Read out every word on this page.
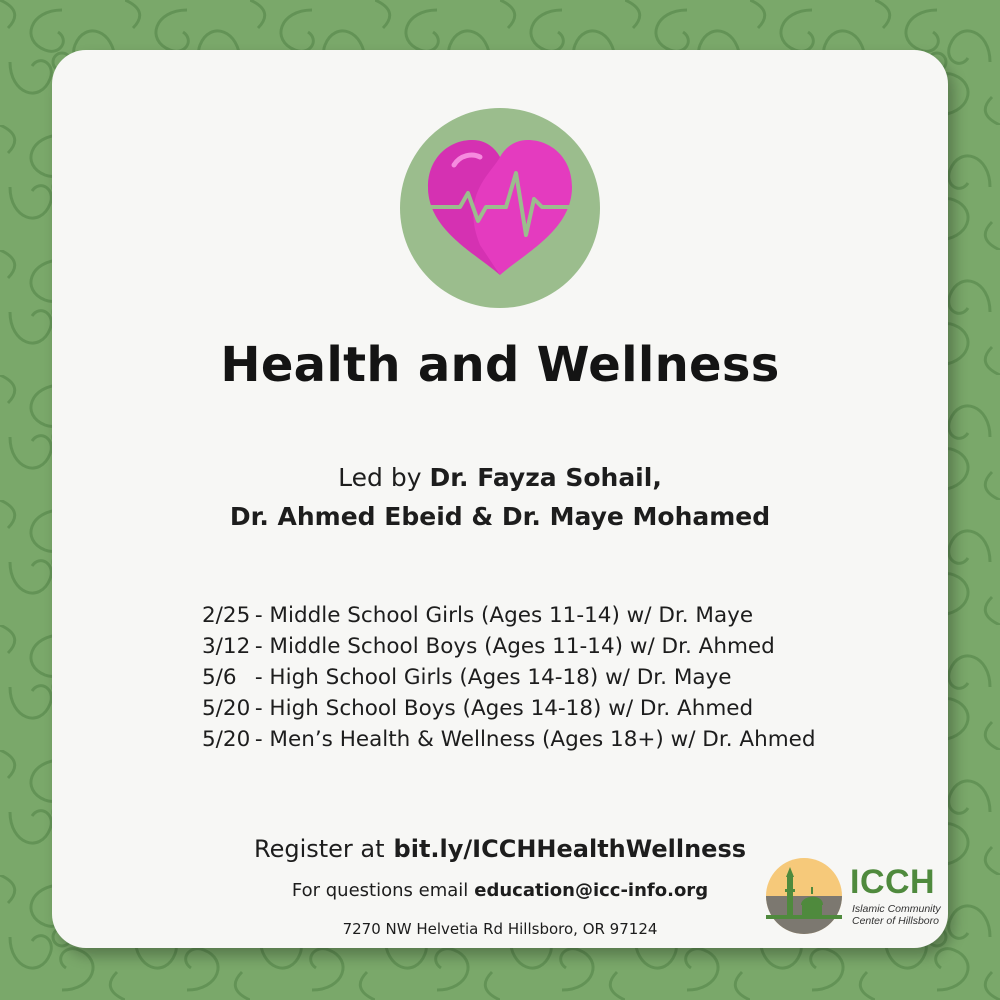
Health and Wellness
Led by Dr. Fayza Sohail,
Dr. Ahmed Ebeid & Dr. Maye Mohamed
2/25 - Middle School Girls (Ages 11-14) w/ Dr. Maye
3/12 - Middle School Boys (Ages 11-14) w/ Dr. Ahmed
5/6 - High School Girls (Ages 14-18) w/ Dr. Maye
5/20 - High School Boys (Ages 14-18) w/ Dr. Ahmed
5/20 - Men’s Health & Wellness (Ages 18+) w/ Dr. Ahmed
Register at bit.ly/ICCHHealthWellness
For questions email education@icc-info.org
7270 NW Helvetia Rd Hillsboro, OR 97124
ICCH
Islamic Community
Center of Hillsboro
